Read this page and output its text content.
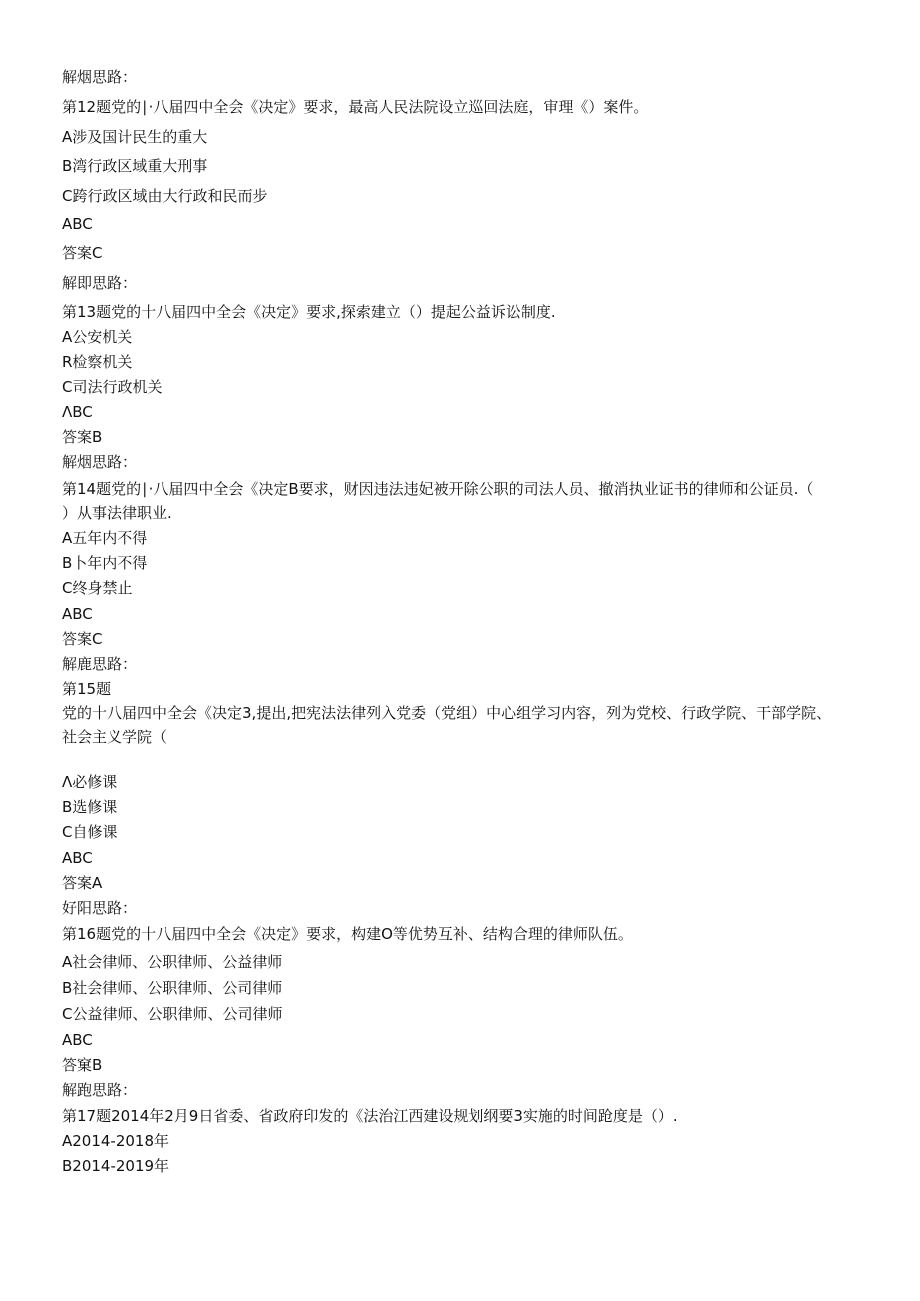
解烟思路：
第12题党的∣·八届四中全会《决定》要求，最高人民法院设立巡回法庭，审理《）案件。
A涉及国计民生的重大
B湾行政区域重大刑事
C跨行政区域由大行政和民而步
ABC
答案C
解即思路：
第13题党的十八届四中全会《决定》要求,探索建立（）提起公益诉讼制度.
A公安机关
R检察机关
C司法行政机关
ΛBC
答案B
解烟思路：
第14题党的∣·八届四中全会《决定B要求，财因违法违妃被开除公职的司法人员、撤消执业证书的律师和公证员.（
）从事法律职业.
A五年内不得
B卜年内不得
C终身禁止
ABC
答案C
解鹿思路：
第15题
党的十八届四中全会《决定3,提出,把宪法法律列入党委（党组）中心组学习内容，列为党校、行政学院、干部学院、
社会主义学院（
Λ必修课
B选修课
C自修课
ABC
答案A
好阳思路：
第16题党的十八届四中全会《决定》要求，构建O等优势互补、结构合理的律师队伍。
A社会律师、公职律师、公益律师
B社会律师、公职律师、公司律师
C公益律师、公职律师、公司律师
ABC
答窠B
解跑思路：
第17题2014年2月9日省委、省政府印发的《法治江西建设规划纲要3实施的时间跄度是（）.
A2014-2018年
B2014-2019年
